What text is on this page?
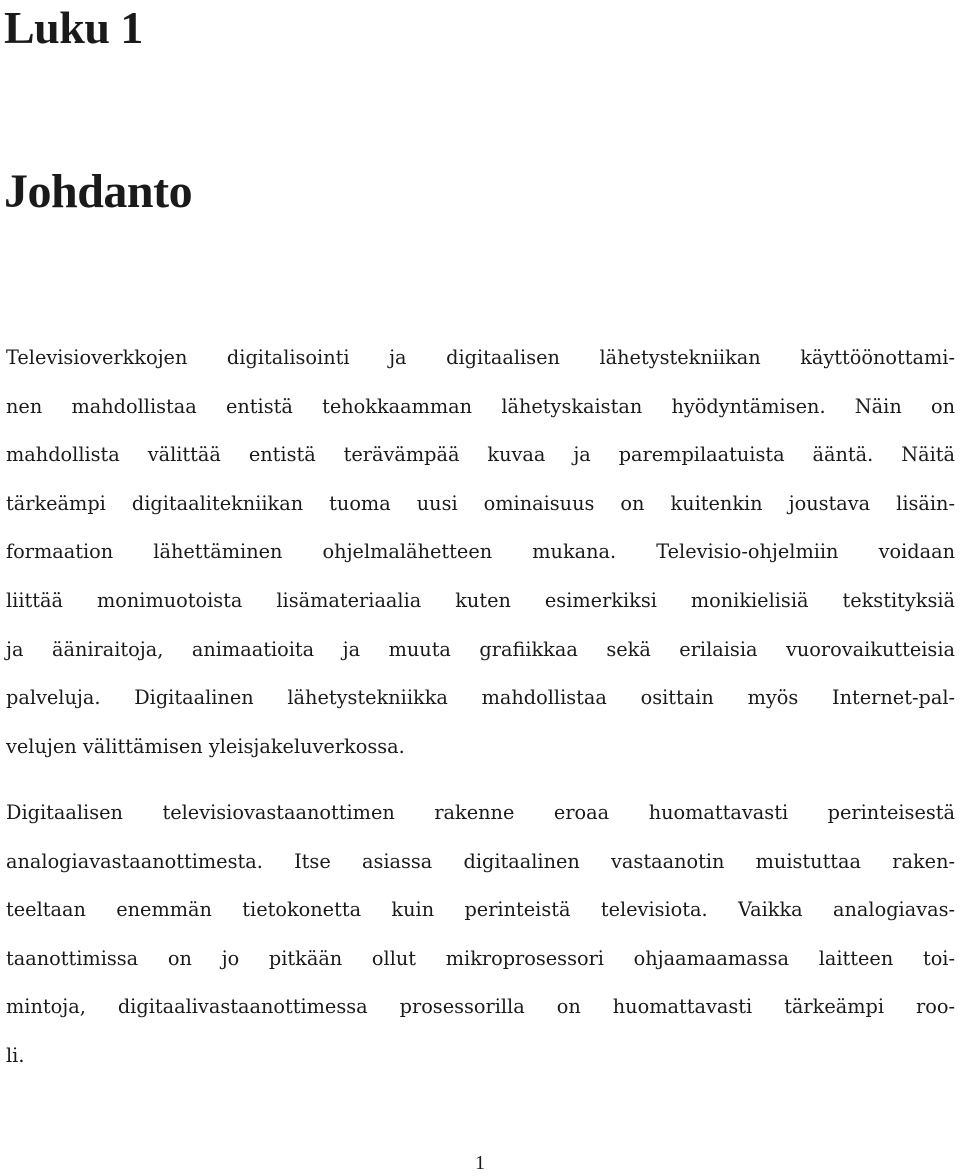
Luku 1
Johdanto
Televisioverkkojen digitalisointi ja digitaalisen lähetystekniikan käyttöönottami-
nen mahdollistaa entistä tehokkaamman lähetyskaistan hyödyntämisen. Näin on
mahdollista välittää entistä terävämpää kuvaa ja parempilaatuista ääntä. Näitä
tärkeämpi digitaalitekniikan tuoma uusi ominaisuus on kuitenkin joustava lisäin-
formaation lähettäminen ohjelmalähetteen mukana. Televisio-ohjelmiin voidaan
liittää monimuotoista lisämateriaalia kuten esimerkiksi monikielisiä tekstityksiä
ja ääniraitoja, animaatioita ja muuta grafiikkaa sekä erilaisia vuorovaikutteisia
palveluja. Digitaalinen lähetystekniikka mahdollistaa osittain myös Internet-pal-
velujen välittämisen yleisjakeluverkossa.
Digitaalisen televisiovastaanottimen rakenne eroaa huomattavasti perinteisestä
analogiavastaanottimesta. Itse asiassa digitaalinen vastaanotin muistuttaa raken-
teeltaan enemmän tietokonetta kuin perinteistä televisiota. Vaikka analogiavas-
taanottimissa on jo pitkään ollut mikroprosessori ohjaamaamassa laitteen toi-
mintoja, digitaalivastaanottimessa prosessorilla on huomattavasti tärkeämpi roo-
li.

1
